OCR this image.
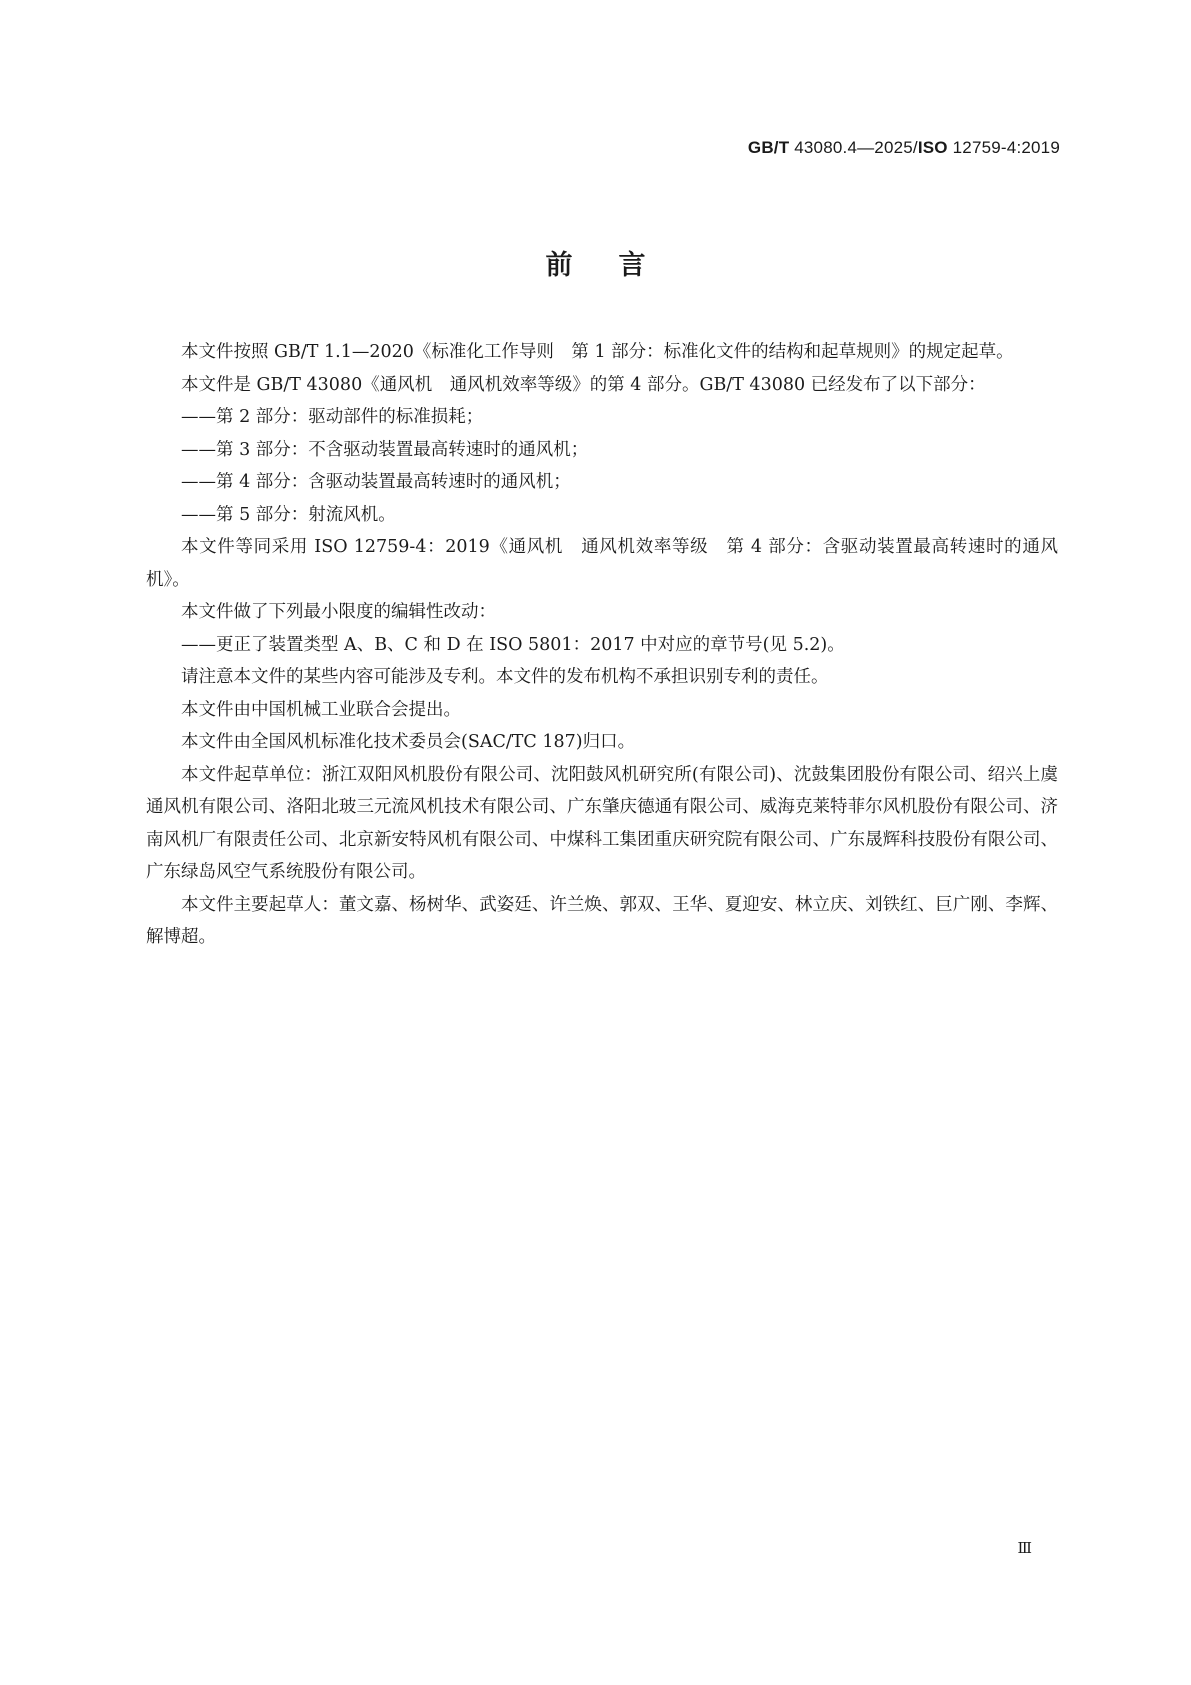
GB/T 43080.4—2025/ISO 12759-4:2019
前言

本文件按照 GB/T 1.1—2020《标准化工作导则　第 1 部分：标准化文件的结构和起草规则》的规定起草。

本文件是 GB/T 43080《通风机　通风机效率等级》的第 4 部分。GB/T 43080 已经发布了以下部分：

——第 2 部分：驱动部件的标准损耗；

——第 3 部分：不含驱动装置最高转速时的通风机；

——第 4 部分：含驱动装置最高转速时的通风机；

——第 5 部分：射流风机。

本文件等同采用 ISO 12759-4：2019《通风机　通风机效率等级　第 4 部分：含驱动装置最高转速时的通风机》。

本文件做了下列最小限度的编辑性改动：

——更正了装置类型 A、B、C 和 D 在 ISO 5801：2017 中对应的章节号(见 5.2)。

请注意本文件的某些内容可能涉及专利。本文件的发布机构不承担识别专利的责任。

本文件由中国机械工业联合会提出。

本文件由全国风机标准化技术委员会(SAC/TC 187)归口。

本文件起草单位：浙江双阳风机股份有限公司、沈阳鼓风机研究所(有限公司)、沈鼓集团股份有限公司、绍兴上虞通风机有限公司、洛阳北玻三元流风机技术有限公司、广东肇庆德通有限公司、威海克莱特菲尔风机股份有限公司、济南风机厂有限责任公司、北京新安特风机有限公司、中煤科工集团重庆研究院有限公司、广东晟辉科技股份有限公司、广东绿岛风空气系统股份有限公司。

本文件主要起草人：董文嘉、杨树华、武姿廷、许兰焕、郭双、王华、夏迎安、林立庆、刘铁红、巨广刚、李辉、解博超。

Ⅲ
